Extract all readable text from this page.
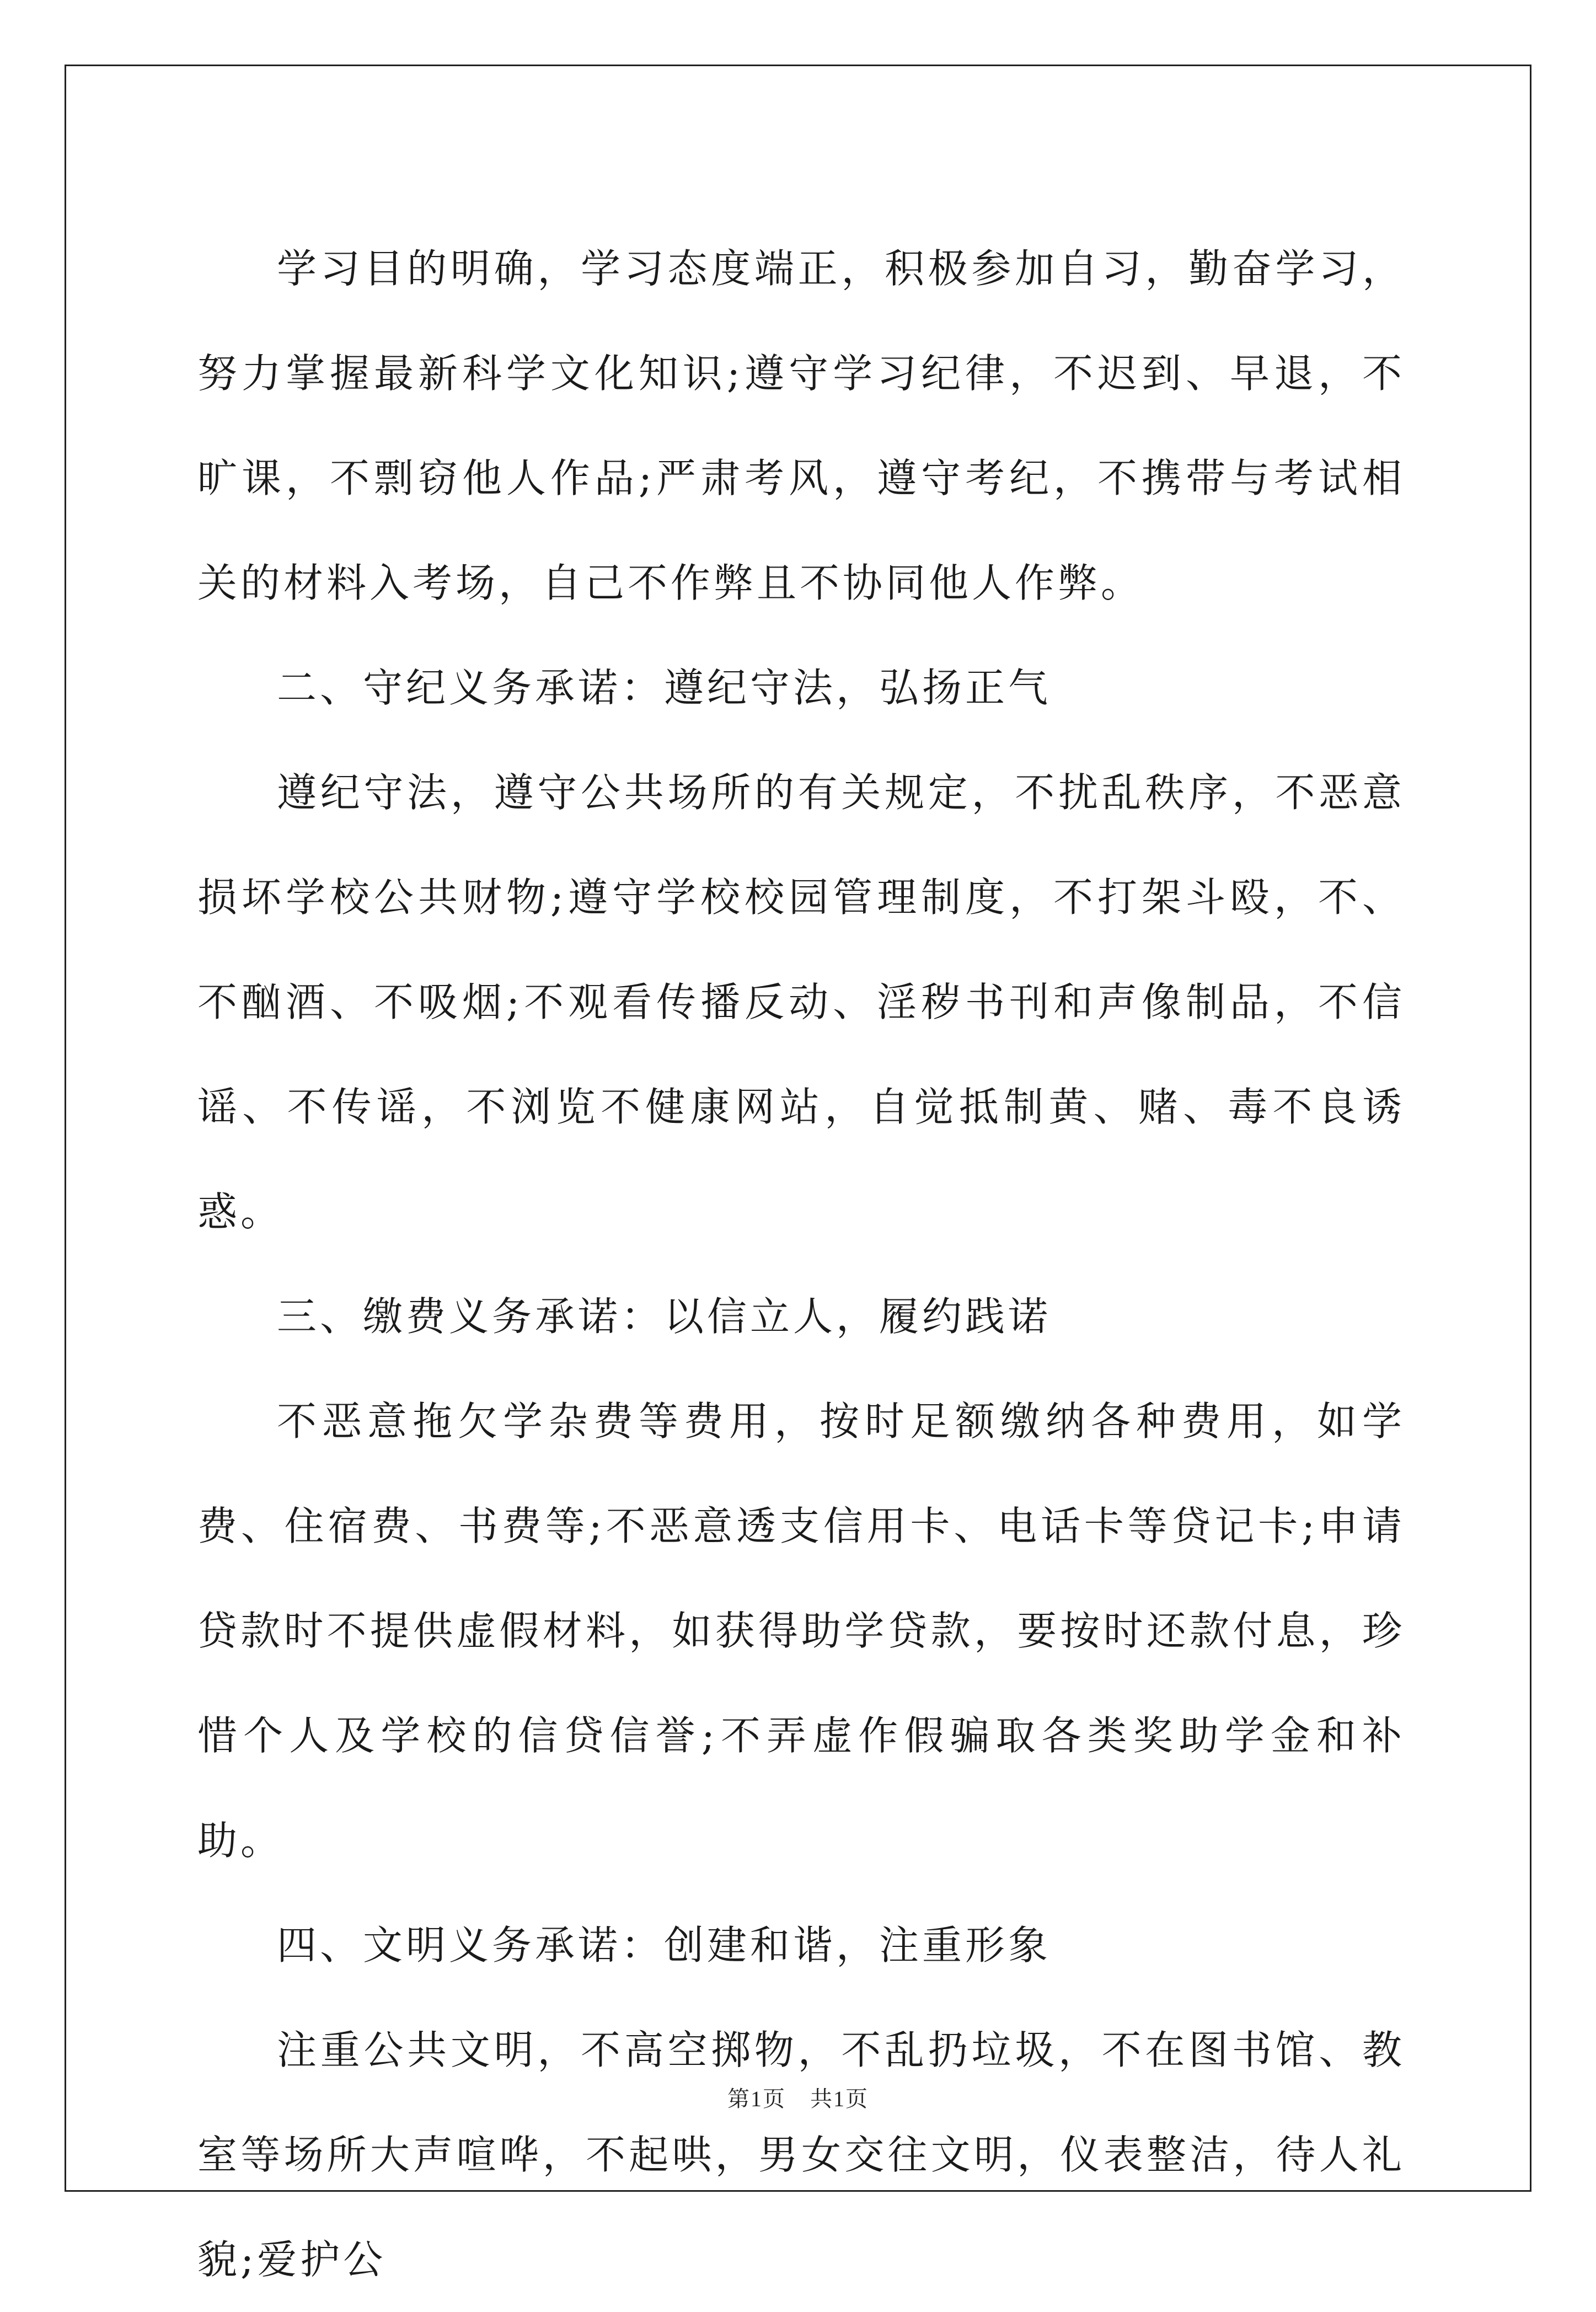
学习目的明确，学习态度端正，积极参加自习，勤奋学习，努力掌握最新科学文化知识;遵守学习纪律，不迟到、早退，不旷课，不剽窃他人作品;严肃考风，遵守考纪，不携带与考试相关的材料入考场，自己不作弊且不协同他人作弊。

二、守纪义务承诺：遵纪守法，弘扬正气

遵纪守法，遵守公共场所的有关规定，不扰乱秩序，不恶意损坏学校公共财物;遵守学校校园管理制度，不打架斗殴，不、不酗酒、不吸烟;不观看传播反动、淫秽书刊和声像制品，不信谣、不传谣，不浏览不健康网站，自觉抵制黄、赌、毒不良诱惑。

三、缴费义务承诺：以信立人，履约践诺

不恶意拖欠学杂费等费用，按时足额缴纳各种费用，如学费、住宿费、书费等;不恶意透支信用卡、电话卡等贷记卡;申请贷款时不提供虚假材料，如获得助学贷款，要按时还款付息，珍惜个人及学校的信贷信誉;不弄虚作假骗取各类奖助学金和补助。

四、文明义务承诺：创建和谐，注重形象

注重公共文明，不高空掷物，不乱扔垃圾，不在图书馆、教室等场所大声喧哗，不起哄，男女交往文明，仪表整洁，待人礼貌;爱护公

第1页 共1页
